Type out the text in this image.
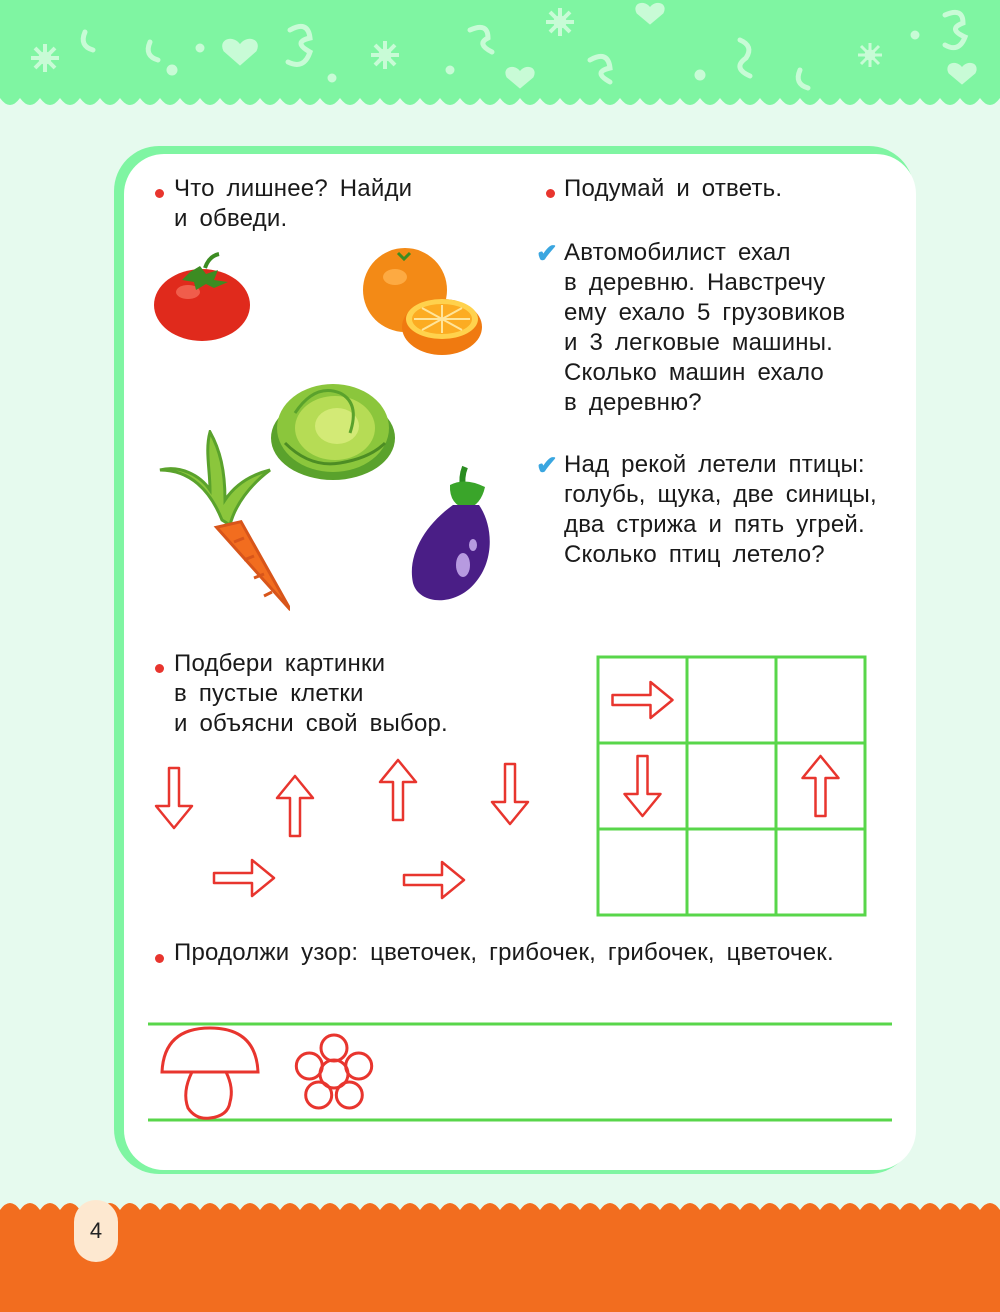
Что лишнее? Найди
и обведи.
Подумай и ответь.
✔ Автомобилист ехал
в деревню. Навстречу
ему ехало 5 грузовиков
и 3 легковые машины.
Сколько машин ехало
в деревню?
✔ Над рекой летели птицы:
голубь, щука, две синицы,
два стрижа и пять угрей.
Сколько птиц летело?
Подбери картинки
в пустые клетки
и объясни свой выбор.
Продолжи узор: цветочек, грибочек, грибочек, цветочек.
4
